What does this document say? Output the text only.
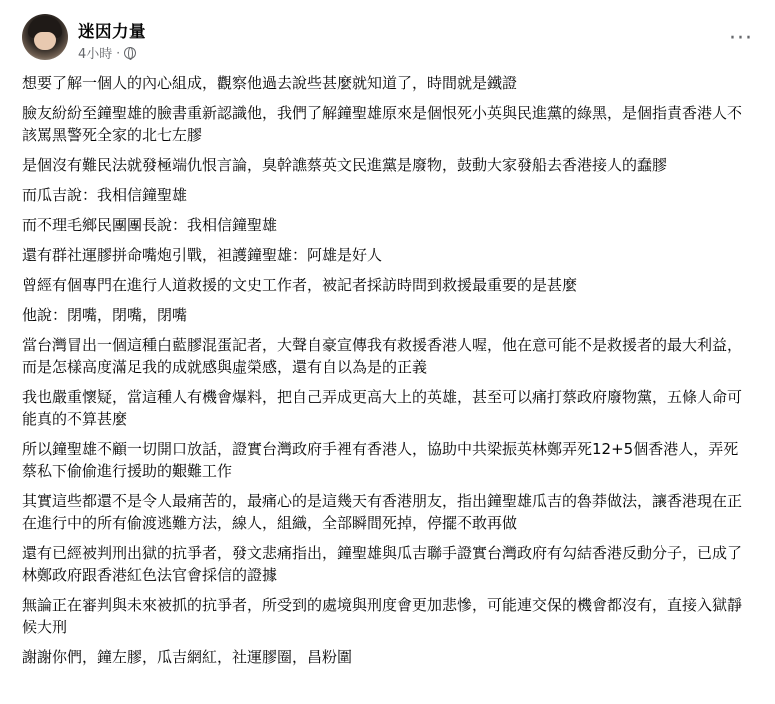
迷因力量
4小時 ·
···

想要了解一個人的內心組成，觀察他過去說些甚麼就知道了，時間就是鐵證

臉友紛紛至鐘聖雄的臉書重新認識他，我們了解鐘聖雄原來是個恨死小英與民進黨的綠黑，是個指責香港人不該罵黑警死全家的北七左膠

是個沒有難民法就發極端仇恨言論，臭幹譙蔡英文民進黨是廢物，鼓動大家發船去香港接人的蠢膠

而瓜吉說：我相信鐘聖雄

而不理毛鄉民團團長說：我相信鐘聖雄

還有群社運膠拼命嘴炮引戰，袒護鐘聖雄：阿雄是好人

曾經有個專門在進行人道救援的文史工作者，被記者採訪時問到救援最重要的是甚麼

他說：閉嘴，閉嘴，閉嘴

當台灣冒出一個這種白藍膠混蛋記者，大聲自豪宣傳我有救援香港人喔，他在意可能不是救援者的最大利益，而是怎樣高度滿足我的成就感與虛榮感，還有自以為是的正義

我也嚴重懷疑，當這種人有機會爆料，把自己弄成更高大上的英雄，甚至可以痛打蔡政府廢物黨，五條人命可能真的不算甚麼

所以鐘聖雄不顧一切開口放話，證實台灣政府手裡有香港人，協助中共梁振英林鄭弄死12+5個香港人，弄死蔡私下偷偷進行援助的艱難工作

其實這些都還不是令人最痛苦的，最痛心的是這幾天有香港朋友，指出鐘聖雄瓜吉的魯莽做法，讓香港現在正在進行中的所有偷渡逃難方法，線人，組織，全部瞬間死掉，停擺不敢再做

還有已經被判刑出獄的抗爭者，發文悲痛指出，鐘聖雄與瓜吉聯手證實台灣政府有勾結香港反動分子，已成了林鄭政府跟香港紅色法官會採信的證據

無論正在審判與未來被抓的抗爭者，所受到的處境與刑度會更加悲慘，可能連交保的機會都沒有，直接入獄靜候大刑

謝謝你們，鐘左膠，瓜吉網紅，社運膠圈，昌粉圍
